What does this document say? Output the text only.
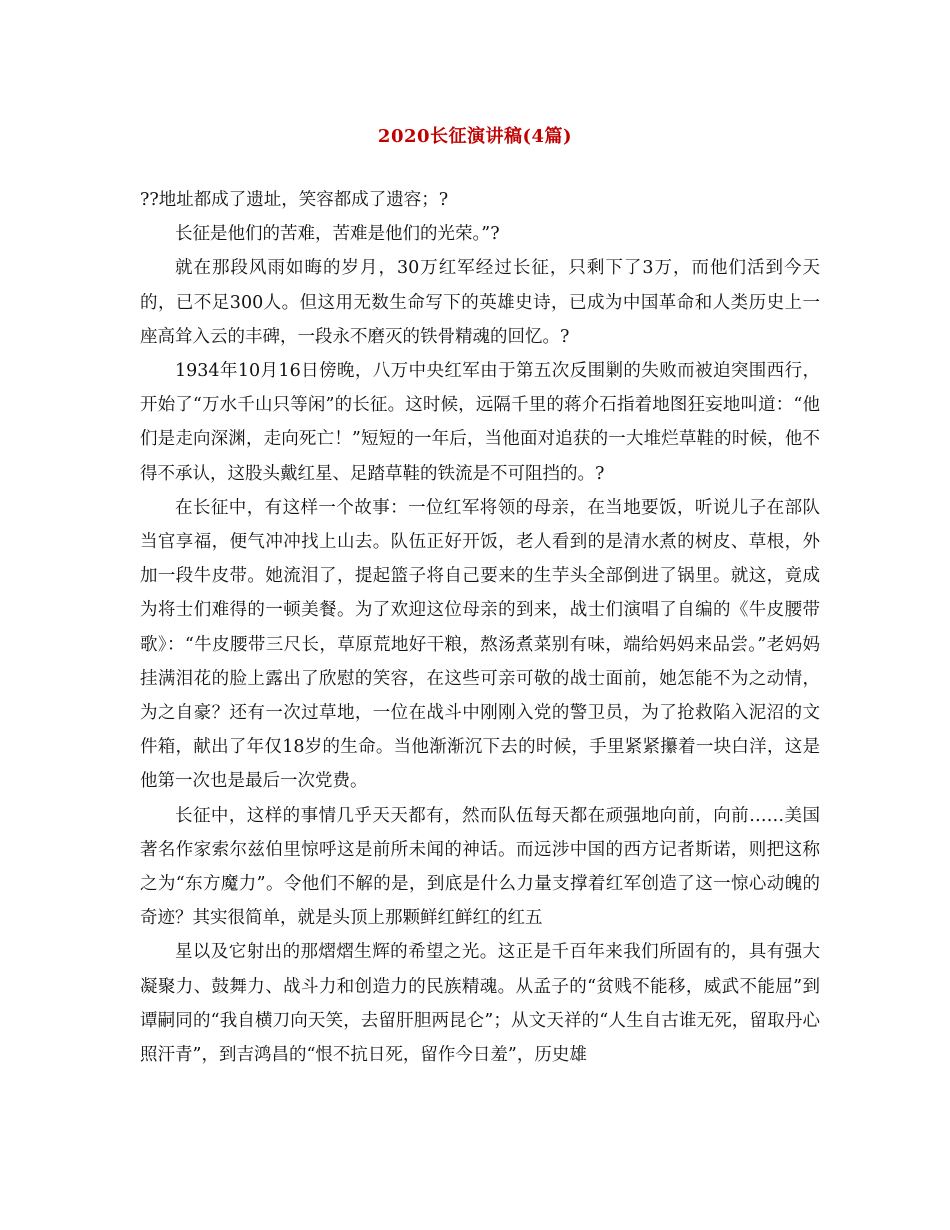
2020长征演讲稿(4篇)

??地址都成了遗址，笑容都成了遗容；?

长征是他们的苦难，苦难是他们的光荣。”?

就在那段风雨如晦的岁月，30万红军经过长征，只剩下了3万，而他们活到今天的，已不足300人。但这用无数生命写下的英雄史诗，已成为中国革命和人类历史上一座高耸入云的丰碑，一段永不磨灭的铁骨精魂的回忆。?

1934年10月16日傍晚，八万中央红军由于第五次反围剿的失败而被迫突围西行，开始了“万水千山只等闲”的长征。这时候，远隔千里的蒋介石指着地图狂妄地叫道：“他们是走向深渊，走向死亡！”短短的一年后，当他面对追获的一大堆烂草鞋的时候，他不得不承认，这股头戴红星、足踏草鞋的铁流是不可阻挡的。?

在长征中，有这样一个故事：一位红军将领的母亲，在当地要饭，听说儿子在部队当官享福，便气冲冲找上山去。队伍正好开饭，老人看到的是清水煮的树皮、草根，外加一段牛皮带。她流泪了，提起篮子将自己要来的生芋头全部倒进了锅里。就这，竟成为将士们难得的一顿美餐。为了欢迎这位母亲的到来，战士们演唱了自编的《牛皮腰带歌》：“牛皮腰带三尺长，草原荒地好干粮，熬汤煮菜别有味，端给妈妈来品尝。”老妈妈挂满泪花的脸上露出了欣慰的笑容，在这些可亲可敬的战士面前，她怎能不为之动情，为之自豪？还有一次过草地，一位在战斗中刚刚入党的警卫员，为了抢救陷入泥沼的文件箱，献出了年仅18岁的生命。当他渐渐沉下去的时候，手里紧紧攥着一块白洋，这是他第一次也是最后一次党费。

长征中，这样的事情几乎天天都有，然而队伍每天都在顽强地向前，向前……美国著名作家索尔兹伯里惊呼这是前所未闻的神话。而远涉中国的西方记者斯诺，则把这称之为“东方魔力”。令他们不解的是，到底是什么力量支撑着红军创造了这一惊心动魄的奇迹？其实很简单，就是头顶上那颗鲜红鲜红的红五

星以及它射出的那熠熠生辉的希望之光。这正是千百年来我们所固有的，具有强大凝聚力、鼓舞力、战斗力和创造力的民族精魂。从孟子的“贫贱不能移，威武不能屈”到谭嗣同的“我自横刀向天笑，去留肝胆两昆仑”；从文天祥的“人生自古谁无死，留取丹心照汗青”，到吉鸿昌的“恨不抗日死，留作今日羞”，历史雄
